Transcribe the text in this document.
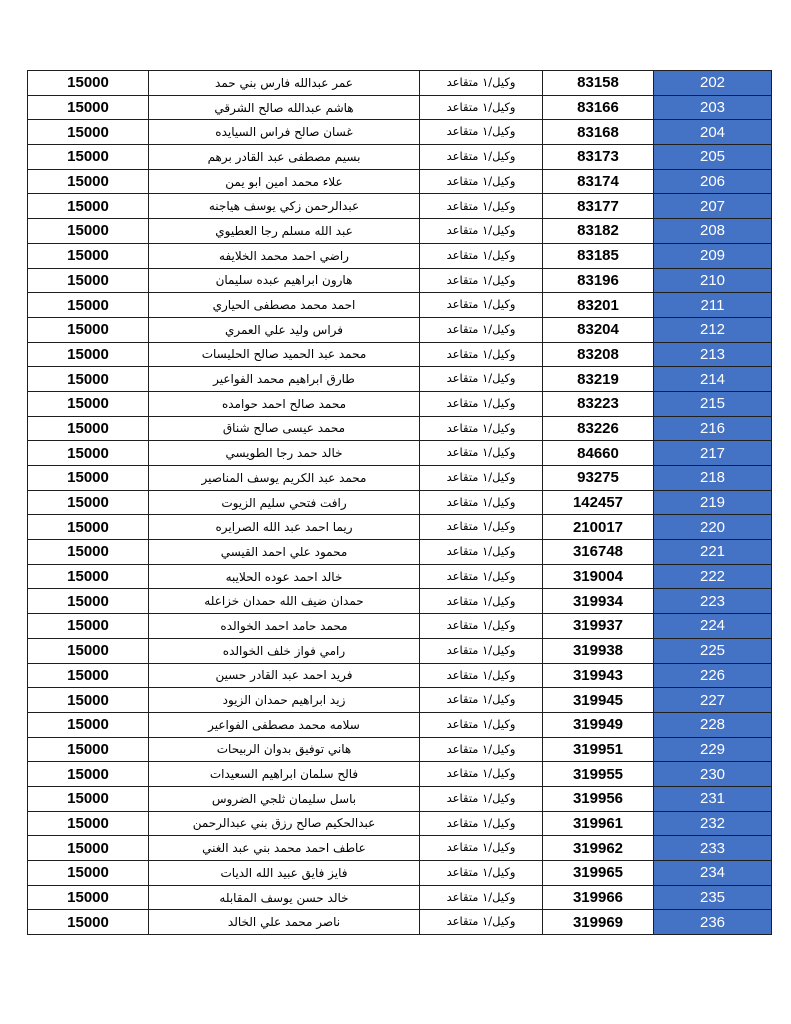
15000	عمر عبدالله فارس بني حمد	وكيل/١ متقاعد	83158	202
15000	هاشم عبدالله صالح الشرقي	وكيل/١ متقاعد	83166	203
15000	غسان صالح فراس السيايده	وكيل/١ متقاعد	83168	204
15000	بسيم مصطفى عبد القادر برهم	وكيل/١ متقاعد	83173	205
15000	علاء محمد امين ابو يمن	وكيل/١ متقاعد	83174	206
15000	عبدالرحمن زكي يوسف هياجنه	وكيل/١ متقاعد	83177	207
15000	عبد الله مسلم رجا العطيوي	وكيل/١ متقاعد	83182	208
15000	راضي احمد محمد الخلايفه	وكيل/١ متقاعد	83185	209
15000	هارون ابراهيم عبده سليمان	وكيل/١ متقاعد	83196	210
15000	احمد محمد مصطفى الحياري	وكيل/١ متقاعد	83201	211
15000	فراس وليد علي العمري	وكيل/١ متقاعد	83204	212
15000	محمد عبد الحميد صالح الحليسات	وكيل/١ متقاعد	83208	213
15000	طارق ابراهيم محمد الفواعير	وكيل/١ متقاعد	83219	214
15000	محمد صالح احمد حوامده	وكيل/١ متقاعد	83223	215
15000	محمد عيسى صالح شناق	وكيل/١ متقاعد	83226	216
15000	خالد حمد رجا الطويسي	وكيل/١ متقاعد	84660	217
15000	محمد عبد الكريم يوسف المناصير	وكيل/١ متقاعد	93275	218
15000	رافت فتحي سليم الزيوت	وكيل/١ متقاعد	142457	219
15000	ريما احمد عبد الله الصرايره	وكيل/١ متقاعد	210017	220
15000	محمود علي احمد القيسي	وكيل/١ متقاعد	316748	221
15000	خالد احمد عوده الحلايبه	وكيل/١ متقاعد	319004	222
15000	حمدان ضيف الله حمدان خزاعله	وكيل/١ متقاعد	319934	223
15000	محمد حامد احمد الخوالده	وكيل/١ متقاعد	319937	224
15000	رامي فواز خلف الخوالده	وكيل/١ متقاعد	319938	225
15000	فريد احمد عبد القادر حسين	وكيل/١ متقاعد	319943	226
15000	زيد ابراهيم حمدان الزيود	وكيل/١ متقاعد	319945	227
15000	سلامه محمد مصطفى الفواعير	وكيل/١ متقاعد	319949	228
15000	هاني توفيق بدوان الربيحات	وكيل/١ متقاعد	319951	229
15000	فالح سلمان ابراهيم السعيدات	وكيل/١ متقاعد	319955	230
15000	باسل سليمان ثلجي الضروس	وكيل/١ متقاعد	319956	231
15000	عبدالحكيم صالح رزق بني عبدالرحمن	وكيل/١ متقاعد	319961	232
15000	عاطف احمد محمد بني عبد الغني	وكيل/١ متقاعد	319962	233
15000	فايز فايق عبيد الله الديات	وكيل/١ متقاعد	319965	234
15000	خالد حسن يوسف المقابله	وكيل/١ متقاعد	319966	235
15000	ناصر محمد علي الخالد	وكيل/١ متقاعد	319969	236
